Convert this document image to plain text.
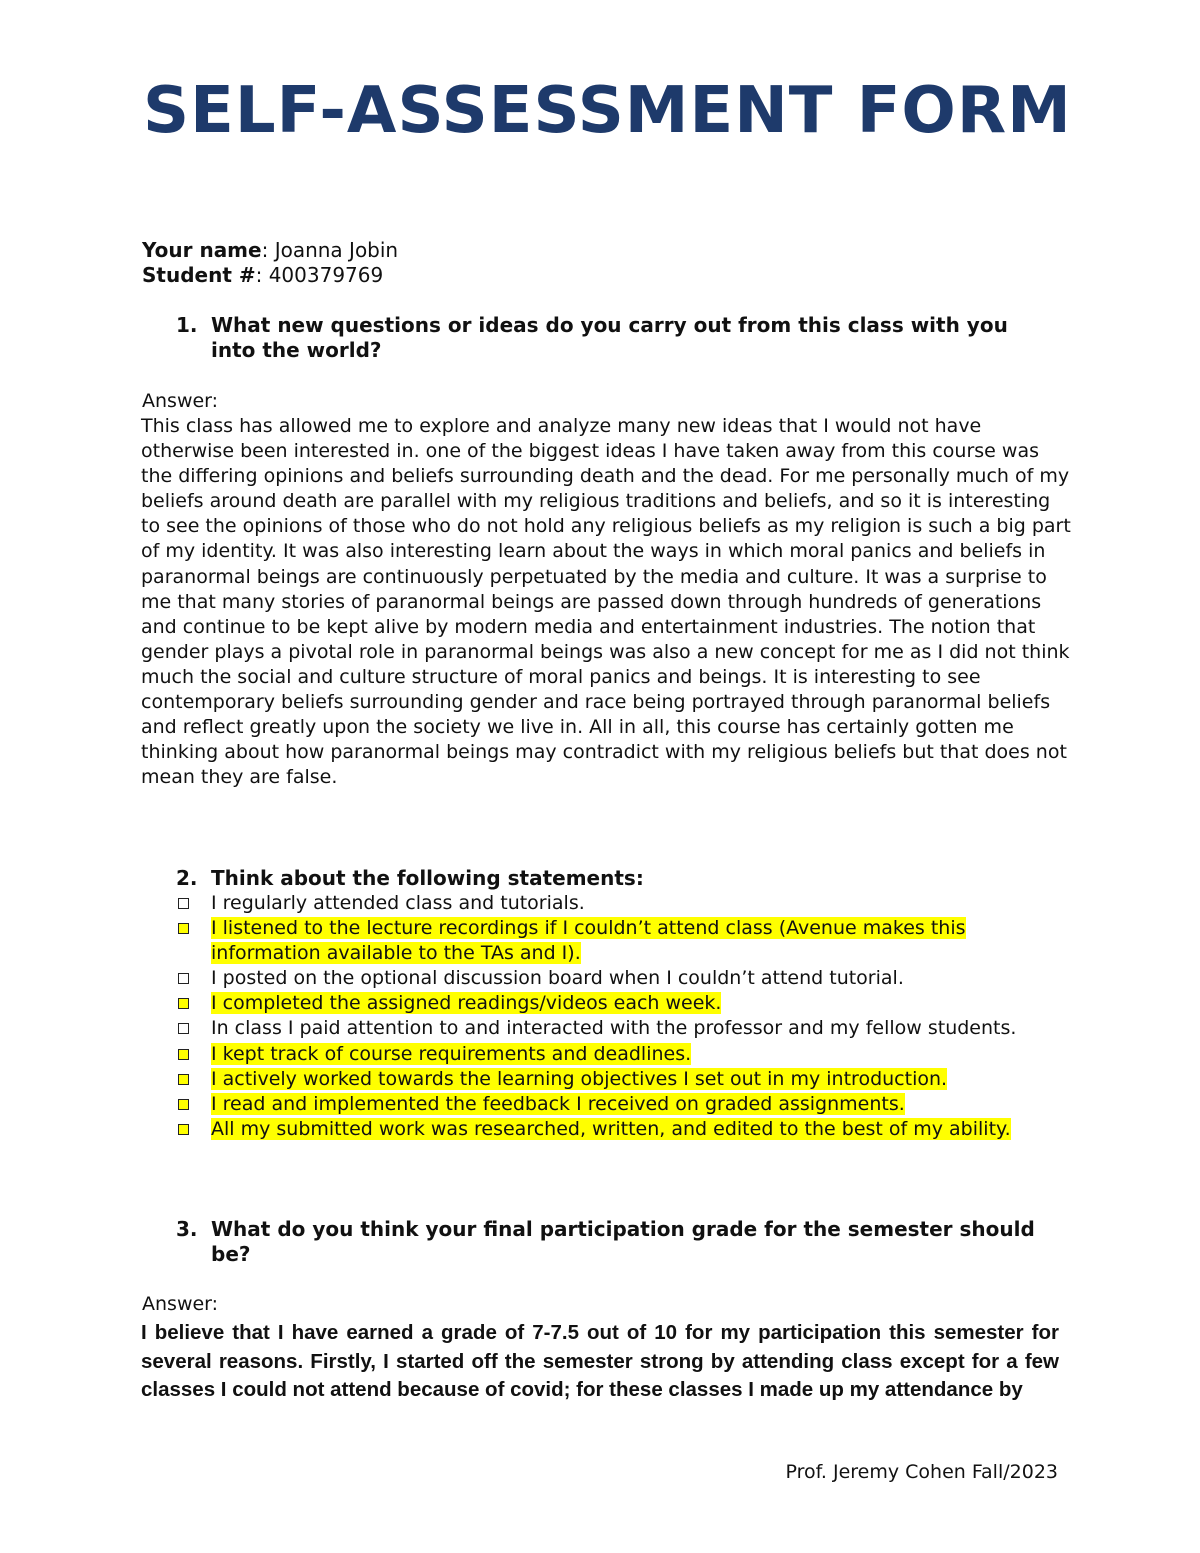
SELF-ASSESSMENT FORM
Your name: Joanna Jobin
Student #: 400379769
1. What new questions or ideas do you carry out from this class with you into the world?
Answer:

This class has allowed me to explore and analyze many new ideas that I would not have otherwise been interested in. one of the biggest ideas I have taken away from this course was the differing opinions and beliefs surrounding death and the dead. For me personally much of my beliefs around death are parallel with my religious traditions and beliefs, and so it is interesting to see the opinions of those who do not hold any religious beliefs as my religion is such a big part of my identity. It was also interesting learn about the ways in which moral panics and beliefs in paranormal beings are continuously perpetuated by the media and culture. It was a surprise to me that many stories of paranormal beings are passed down through hundreds of generations and continue to be kept alive by modern media and entertainment industries. The notion that gender plays a pivotal role in paranormal beings was also a new concept for me as I did not think much the social and culture structure of moral panics and beings. It is interesting to see contemporary beliefs surrounding gender and race being portrayed through paranormal beliefs and reflect greatly upon the society we live in. All in all, this course has certainly gotten me thinking about how paranormal beings may contradict with my religious beliefs but that does not mean they are false.

2. Think about the following statements:
I regularly attended class and tutorials.
I listened to the lecture recordings if I couldn’t attend class (Avenue makes this information available to the TAs and I).
I posted on the optional discussion board when I couldn’t attend tutorial.
I completed the assigned readings/videos each week.
In class I paid attention to and interacted with the professor and my fellow students.
I kept track of course requirements and deadlines.
I actively worked towards the learning objectives I set out in my introduction.
I read and implemented the feedback I received on graded assignments.
All my submitted work was researched, written, and edited to the best of my ability.
3. What do you think your final participation grade for the semester should be?
Answer:

I believe that I have earned a grade of 7-7.5 out of 10 for my participation this semester for several reasons. Firstly, I started off the semester strong by attending class except for a few classes I could not attend because of covid; for these classes I made up my attendance by

Prof. Jeremy Cohen Fall/2023
